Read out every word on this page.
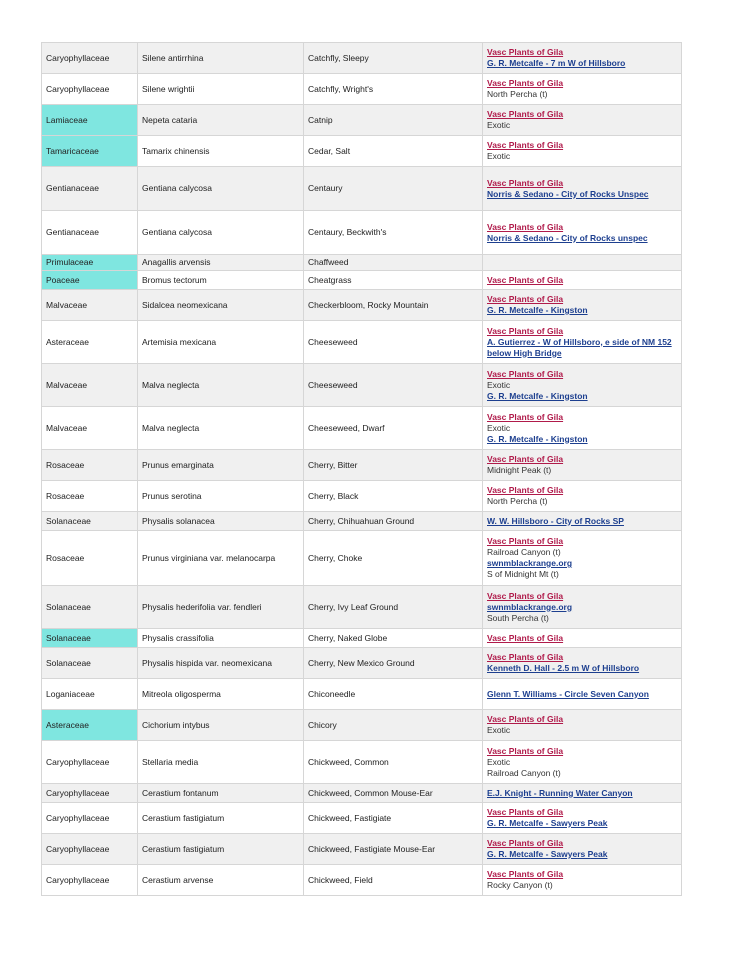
Caryophyllaceae	Silene antirrhina	Catchfly, Sleepy	Vasc Plants of Gila
G. R. Metcalfe - 7 m W of Hillsboro

Caryophyllaceae	Silene wrightii	Catchfly, Wright's	Vasc Plants of Gila
North Percha (t)

Lamiaceae	Nepeta cataria	Catnip	Vasc Plants of Gila
Exotic

Tamaricaceae	Tamarix chinensis	Cedar, Salt	Vasc Plants of Gila
Exotic

Gentianaceae	Gentiana calycosa	Centaury	Vasc Plants of Gila
Norris & Sedano - City of Rocks Unspec

Gentianaceae	Gentiana calycosa	Centaury, Beckwith's	Vasc Plants of Gila
Norris & Sedano - City of Rocks unspec

Primulaceae	Anagallis arvensis	Chaffweed	
Poaceae	Bromus tectorum	Cheatgrass	Vasc Plants of Gila

Malvaceae	Sidalcea neomexicana	Checkerbloom, Rocky Mountain	Vasc Plants of Gila
G. R. Metcalfe - Kingston

Asteraceae	Artemisia mexicana	Cheeseweed	Vasc Plants of Gila
A. Gutierrez - W of Hillsboro, e side of NM 152 below High Bridge

Malvaceae	Malva neglecta	Cheeseweed	Vasc Plants of Gila
Exotic
G. R. Metcalfe - Kingston

Malvaceae	Malva neglecta	Cheeseweed, Dwarf	Vasc Plants of Gila
Exotic
G. R. Metcalfe - Kingston

Rosaceae	Prunus emarginata	Cherry, Bitter	Vasc Plants of Gila
Midnight Peak (t)

Rosaceae	Prunus serotina	Cherry, Black	Vasc Plants of Gila
North Percha (t)

Solanaceae	Physalis solanacea	Cherry, Chihuahuan Ground	W. W. Hillsboro - City of Rocks SP

Rosaceae	Prunus virginiana var. melanocarpa	Cherry, Choke	Vasc Plants of Gila
Railroad Canyon (t)
swnmblackrange.org
S of Midnight Mt (t)

Solanaceae	Physalis hederifolia var. fendleri	Cherry, Ivy Leaf Ground	Vasc Plants of Gila
swnmblackrange.org
South Percha (t)

Solanaceae	Physalis crassifolia	Cherry, Naked Globe	Vasc Plants of Gila

Solanaceae	Physalis hispida var. neomexicana	Cherry, New Mexico Ground	Vasc Plants of Gila
Kenneth D. Hall - 2.5 m W of Hillsboro

Loganiaceae	Mitreola oligosperma	Chiconeedle	Glenn T. Williams - Circle Seven Canyon

Asteraceae	Cichorium intybus	Chicory	Vasc Plants of Gila
Exotic

Caryophyllaceae	Stellaria media	Chickweed, Common	Vasc Plants of Gila
Exotic
Railroad Canyon (t)

Caryophyllaceae	Cerastium fontanum	Chickweed, Common Mouse-Ear	E.J. Knight - Running Water Canyon

Caryophyllaceae	Cerastium fastigiatum	Chickweed, Fastigiate	Vasc Plants of Gila
G. R. Metcalfe - Sawyers Peak

Caryophyllaceae	Cerastium fastigiatum	Chickweed, Fastigiate Mouse-Ear	Vasc Plants of Gila
G. R. Metcalfe - Sawyers Peak

Caryophyllaceae	Cerastium arvense	Chickweed, Field	Vasc Plants of Gila
Rocky Canyon (t)
